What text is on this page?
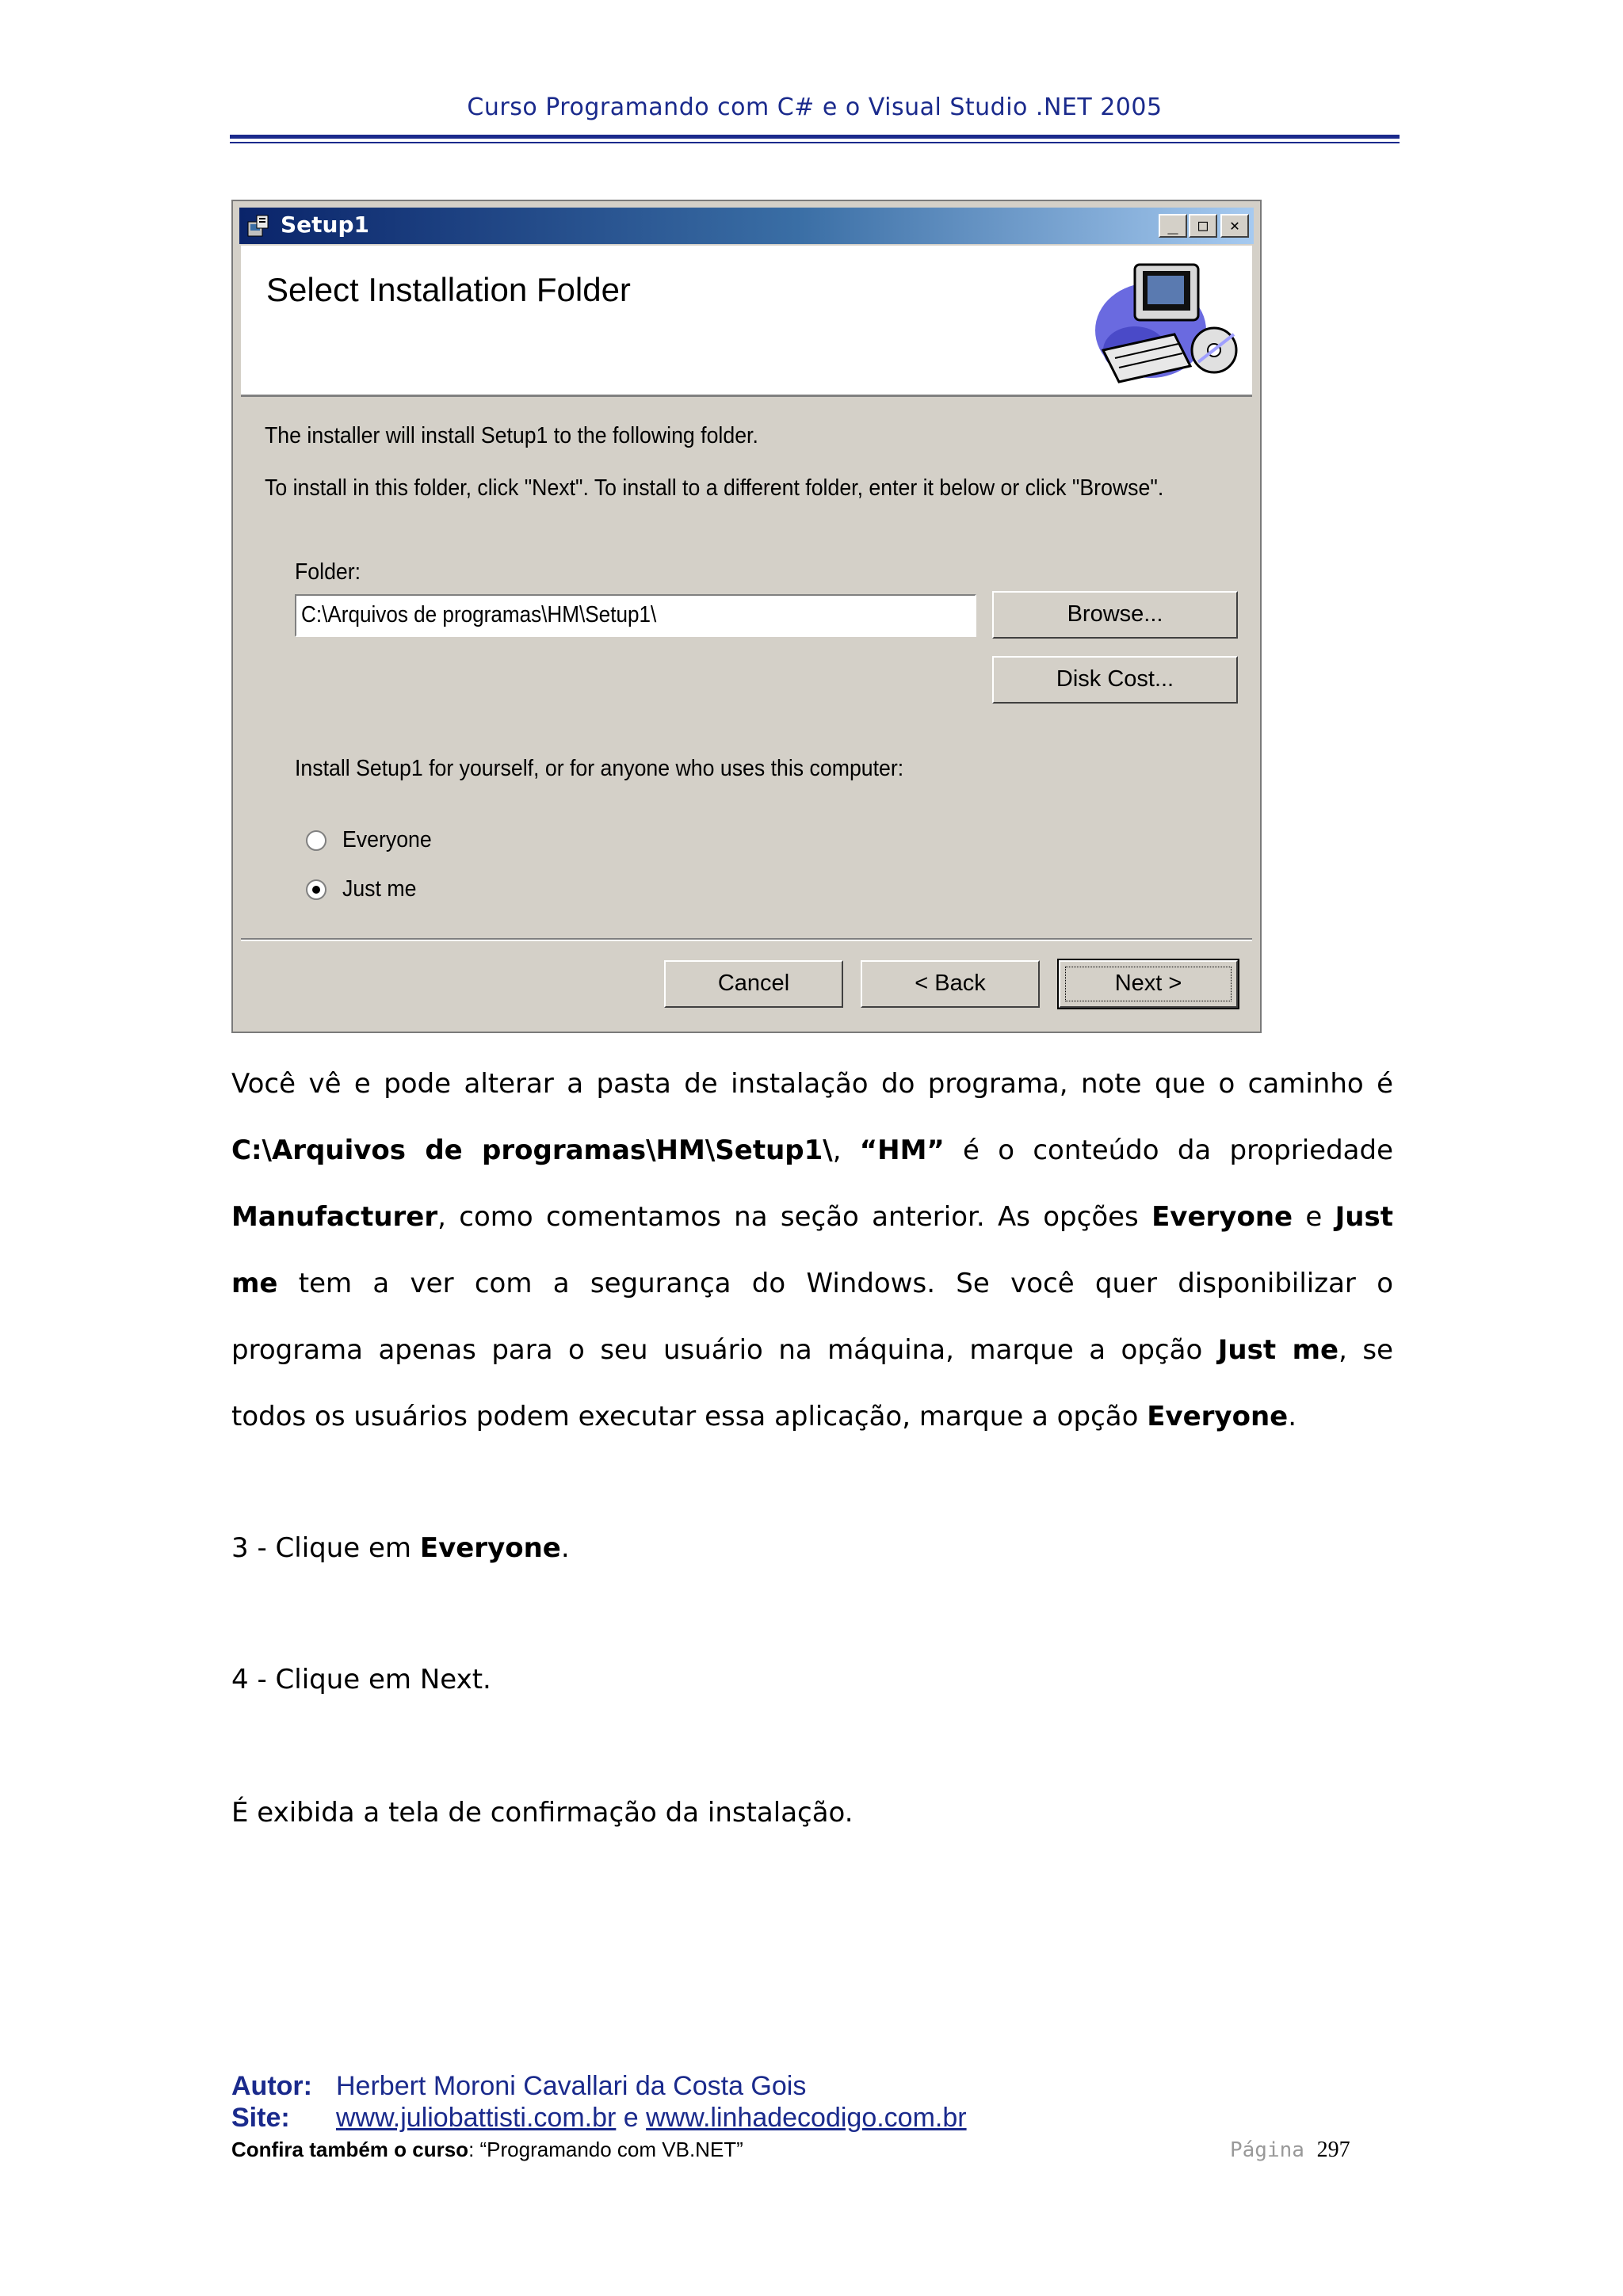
Curso Programando com C# e o Visual Studio .NET 2005
Setup1	_	□	✕
Select Installation Folder
The installer will install Setup1 to the following folder.
To install in this folder, click "Next". To install to a different folder, enter it below or click "Browse".
Folder:
C:\Arquivos de programas\HM\Setup1\	Browse...
Disk Cost...
Install Setup1 for yourself, or for anyone who uses this computer:
Everyone
Just me
Cancel	< Back	Next >
Você vê e pode alterar a pasta de instalação do programa, note que o caminho é
C:\Arquivos de programas\HM\Setup1\, “HM” é o conteúdo da propriedade
Manufacturer, como comentamos na seção anterior. As opções Everyone e Just
me tem a ver com a segurança do Windows. Se você quer disponibilizar o
programa apenas para o seu usuário na máquina, marque a opção Just me, se
todos os usuários podem executar essa aplicação, marque a opção Everyone.
3 - Clique em Everyone.
4 - Clique em Next.
É exibida a tela de confirmação da instalação.
Autor: Herbert Moroni Cavallari da Costa Gois
Site: www.juliobattisti.com.br e www.linhadecodigo.com.br
Confira também o curso: “Programando com VB.NET”	Página 297
